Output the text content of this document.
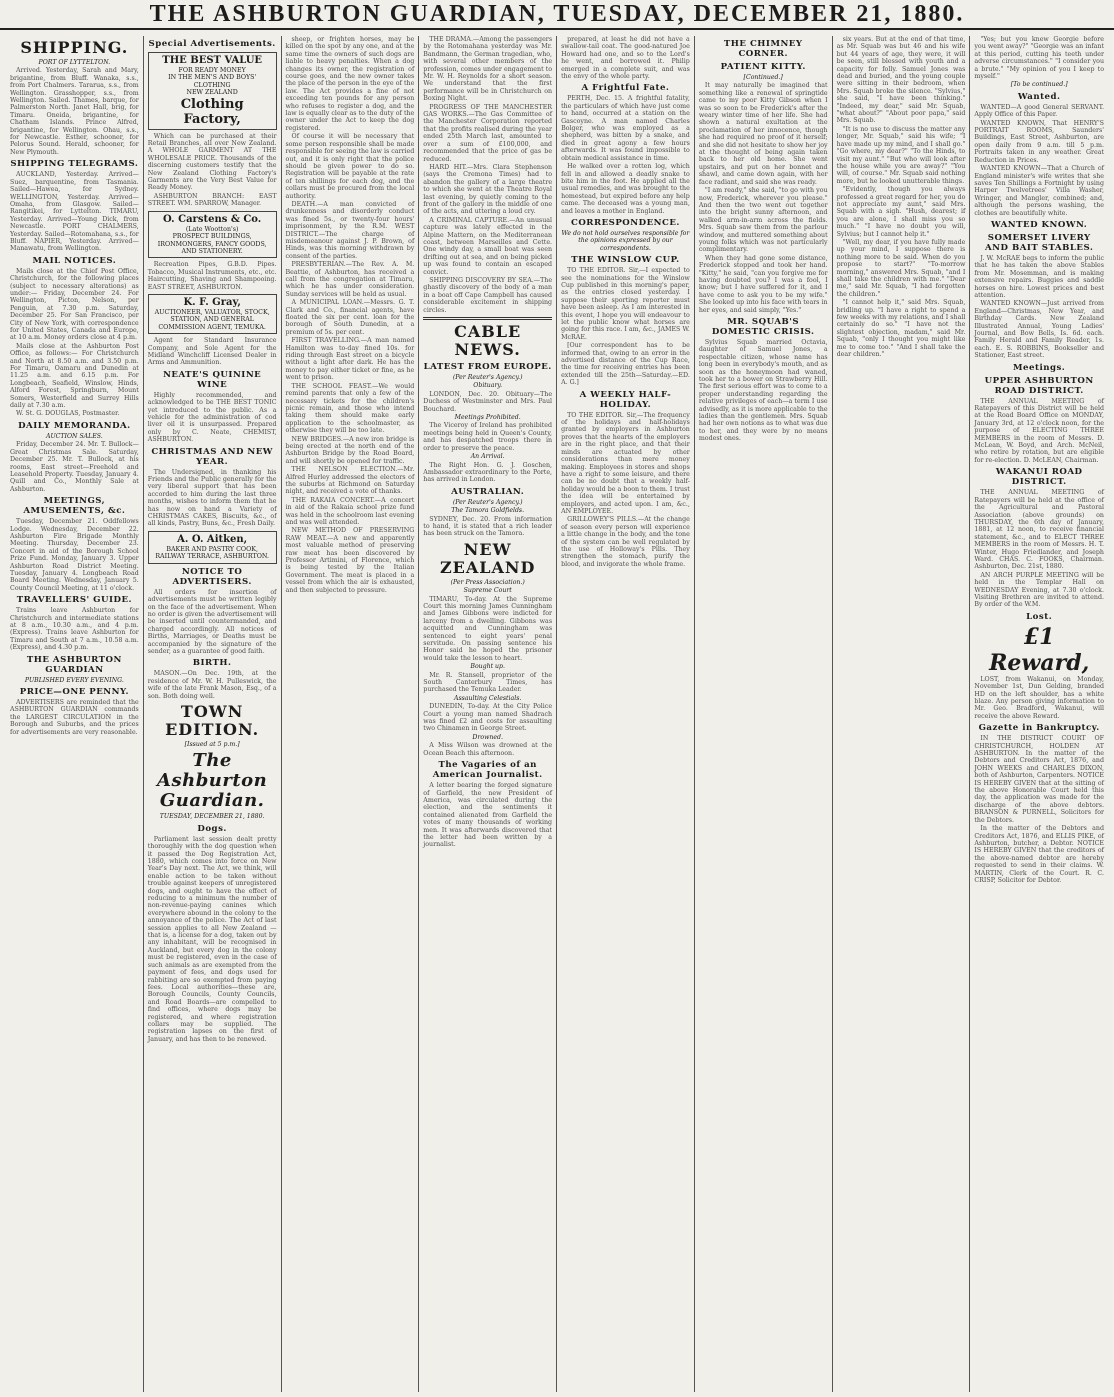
THE ASHBURTON GUARDIAN, TUESDAY, DECEMBER 21, 1880.
SHIPPING.
PORT OF LYTTELTON.

Arrived. Yesterday, Sarah and Mary, brigantine, from Bluff. Wanaka, s.s., from Port Chalmers. Tararua, s.s., from Wellington. Grasshopper, s.s., from Wellington. Sailed. Thames, barque, for Palmerston North. Janet Hall, brig, for Timaru. Oneida, brigantine, for Chatham Islands. Prince Alfred, brigantine, for Wellington. Ohau, s.s., for Newcastle. Esther, schooner, for Pelorus Sound. Herald, schooner, for New Plymouth.

SHIPPING TELEGRAMS.

AUCKLAND, Yesterday. Arrived—Suez, barquentine, from Tasmania. Sailed—Hawea, for Sydney. WELLINGTON, Yesterday. Arrived—Omaha, from Glasgow. Sailed—Rangitikei, for Lyttelton. TIMARU, Yesterday. Arrived—Young Dick, from Newcastle. PORT CHALMERS, Yesterday. Sailed—Rotomahana, s.s., for Bluff. NAPIER, Yesterday. Arrived—Manawatu, from Wellington.

MAIL NOTICES.

Mails close at the Chief Post Office, Christchurch, for the following places (subject to necessary alterations) as under:— Friday, December 24. For Wellington, Picton, Nelson, per Penguin, at 7.30 p.m. Saturday, December 25. For San Francisco, per City of New York, with correspondence for United States, Canada and Europe, at 10 a.m. Money orders close at 4 p.m.

Mails close at the Ashburton Post Office, as follows:— For Christchurch and North at 8.50 a.m. and 3.50 p.m. For Timaru, Oamaru and Dunedin at 11.25 a.m. and 6.15 p.m. For Longbeach, Seafield, Winslow, Hinds, Alford Forest, Springburn, Mount Somers, Westerfield and Surrey Hills daily at 7.30 a.m.

W. St. G. DOUGLAS, Postmaster.

DAILY MEMORANDA.
AUCTION SALES.

Friday, December 24. Mr. T. Bullock—Great Christmas Sale. Saturday, December 25. Mr. T. Bullock, at his rooms, East street—Freehold and Leasehold Property. Tuesday, January 4. Quill and Co., Monthly Sale at Ashburton.

MEETINGS, AMUSEMENTS, &c.

Tuesday, December 21. Oddfellows Lodge. Wednesday, December 22. Ashburton Fire Brigade Monthly Meeting. Thursday, December 23. Concert in aid of the Borough School Prize Fund. Monday, January 3. Upper Ashburton Road District Meeting. Tuesday, January 4. Longbeach Road Board Meeting. Wednesday, January 5. County Council Meeting, at 11 o'clock.

TRAVELLERS' GUIDE.

Trains leave Ashburton for Christchurch and intermediate stations at 8 a.m., 10.30 a.m., and 4 p.m. (Express). Trains leave Ashburton for Timaru and South at 7 a.m., 10.58 a.m. (Express), and 4.30 p.m.

THE ASHBURTON GUARDIAN
PUBLISHED EVERY EVENING.
PRICE—ONE PENNY.

ADVERTISERS are reminded that the ASHBURTON GUARDIAN commands the LARGEST CIRCULATION in the Borough and Suburbs, and the prices for advertisements are very reasonable.

Special Advertisements.
THE BEST VALUE
FOR READY MONEY
IN THE MEN'S AND BOYS' CLOTHING
NEW ZEALAND
Clothing Factory,

Which can be purchased at their Retail Branches, all over New Zealand. A WHOLE GARMENT AT THE WHOLESALE PRICE. Thousands of the discerning customers testify that the New Zealand Clothing Factory's Garments are the Very Best Value for Ready Money.

ASHBURTON BRANCH: EAST STREET. WM. SPARROW, Manager.

O. Carstens & Co.
(Late Wootton's)
PROSPECT BUILDINGS,
IRONMONGERS, FANCY GOODS, AND STATIONERY.

Recreation Pipes, G.B.D. Pipes. Tobacco, Musical Instruments, etc., etc. Haircutting, Shaving and Shampooing. EAST STREET, ASHBURTON.

K. F. Gray,
AUCTIONEER, VALUATOR, STOCK, STATION, AND GENERAL COMMISSION AGENT, TEMUKA.

Agent for Standard Insurance Company, and Sole Agent for the Midland Winchcliff Licensed Dealer in Arms and Ammunition.

NEATE'S QUININE WINE

Highly recommended, and acknowledged to be THE BEST TONIC yet introduced to the public. As a vehicle for the administration of cod liver oil it is unsurpassed. Prepared only by C. Neate, CHEMIST, ASHBURTON.

CHRISTMAS AND NEW YEAR.

The Undersigned, in thanking his Friends and the Public generally for the very liberal support that has been accorded to him during the last three months, wishes to inform them that he has now on hand a Variety of CHRISTMAS CAKES, Biscuits, &c., of all kinds, Pastry, Buns, &c., Fresh Daily.

A. O. Aitken,
BAKER AND PASTRY COOK, RAILWAY TERRACE, ASHBURTON.
NOTICE TO ADVERTISERS.

All orders for insertion of advertisements must be written legibly on the face of the advertisement. When no order is given the advertisement will be inserted until countermanded, and charged accordingly. All notices of Births, Marriages, or Deaths must be accompanied by the signature of the sender, as a guarantee of good faith.

BIRTH.

MASON.—On Dec. 19th, at the residence of Mr. W. H. Pulleswick, the wife of the late Frank Mason, Esq., of a son. Both doing well.

TOWN EDITION.
[Issued at 5 p.m.]
The Ashburton Guardian.
TUESDAY, DECEMBER 21, 1880.
Dogs.

Parliament last session dealt pretty thoroughly with the dog question when it passed the Dog Registration Act, 1880, which comes into force on New Year's Day next. The Act, we think, will enable action to be taken without trouble against keepers of unregistered dogs, and ought to have the effect of reducing to a minimum the number of non-revenue-paying canines which everywhere abound in the colony to the annoyance of the police. The Act of last session applies to all New Zealand —that is, a license for a dog, taken out by any inhabitant, will be recognised in Auckland, but every dog in the colony must be registered, even in the case of such animals as are exempted from the payment of fees, and dogs used for rabbiting are so exempted from paying fees. Local authorities—these are, Borough Councils, County Councils, and Road Boards—are compelled to find offices, where dogs may be registered, and where registration collars may be supplied. The registration lapses on the first of January, and has then to be renewed.

sheep, or frighten horses, may be killed on the spot by any one, and at the same time the owners of such dogs are liable to heavy penalties. When a dog changes its owner, the registration of course goes, and the new owner takes the place of the person in the eye of the law. The Act provides a fine of not exceeding ten pounds for any person who refuses to register a dog, and the law is equally clear as to the duty of the owner under the Act to keep the dog registered.

Of course it will be necessary that some person responsible shall be made responsible for seeing the law is carried out, and it is only right that the police should be given power to do so. Registration will be payable at the rate of ten shillings for each dog, and the collars must be procured from the local authority.

DEATH.—A man convicted of drunkenness and disorderly conduct was fined 5s., or twenty-four hours' imprisonment, by the R.M. WEST DISTRICT.—The charge of misdemeanour against J. P. Brown, of Hinds, was this morning withdrawn by consent of the parties.

PRESBYTERIAN.—The Rev. A. M. Beattie, of Ashburton, has received a call from the congregation at Timaru, which he has under consideration. Sunday services will be held as usual.

A MUNICIPAL LOAN.—Messrs. G. T. Clark and Co., financial agents, have floated the six per cent. loan for the borough of South Dunedin, at a premium of 5s. per cent.

FIRST TRAVELLING.—A man named Hamilton was to-day fined 10s. for riding through East street on a bicycle without a light after dark. He has the money to pay either ticket or fine, as he went to prison.

THE SCHOOL FEAST.—We would remind parents that only a few of the necessary tickets for the children's picnic remain, and those who intend taking them should make early application to the schoolmaster, as otherwise they will be too late.

NEW BRIDGES.—A new iron bridge is being erected at the north end of the Ashburton Bridge by the Road Board, and will shortly be opened for traffic.

THE NELSON ELECTION.—Mr. Alfred Hurley addressed the electors of the suburbs at Richmond on Saturday night, and received a vote of thanks.

THE RAKAIA CONCERT.—A concert in aid of the Rakaia school prize fund was held in the schoolroom last evening and was well attended.

NEW METHOD OF PRESERVING RAW MEAT.—A new and apparently most valuable method of preserving raw meat has been discovered by Professor Artimini, of Florence, which is being tested by the Italian Government. The meat is placed in a vessel from which the air is exhausted, and then subjected to pressure.

THE DRAMA.—Among the passengers by the Rotomahana yesterday was Mr. Bandmann, the German tragedian, who, with several other members of the profession, comes under engagement to Mr. W. H. Reynolds for a short season. We understand that the first performance will be in Christchurch on Boxing Night.

PROGRESS OF THE MANCHESTER GAS WORKS.—The Gas Committee of the Manchester Corporation reported that the profits realised during the year ended 25th March last, amounted to over a sum of £100,000, and recommended that the price of gas be reduced.

HARD HIT.—Mrs. Clara Stephenson (says the Cremona Times) had to abandon the gallery of a large theatre to which she went at the Theatre Royal last evening, by quietly coming to the front of the gallery in the middle of one of the acts, and uttering a loud cry.

A CRIMINAL CAPTURE.—An unusual capture was lately effected in the Alpine Mattern, on the Mediterranean coast, between Marseilles and Cette. One windy day, a small boat was seen drifting out at sea, and on being picked up was found to contain an escaped convict.

SHIPPING DISCOVERY BY SEA.—The ghastly discovery of the body of a man in a boat off Cape Campbell has caused considerable excitement in shipping circles.

CABLE NEWS.
LATEST FROM EUROPE.
(Per Reuter's Agency.)
Obituary.

LONDON, Dec. 20. Obituary—The Duchess of Westminster and Mrs. Paul Bouchard.

Meetings Prohibited.

The Viceroy of Ireland has prohibited meetings being held in Queen's County, and has despatched troops there in order to preserve the peace.

An Arrival.

The Right Hon. G. J. Goschen, Ambassador extraordinary to the Porte, has arrived in London.

AUSTRALIAN.
(Per Reuter's Agency.)
The Tamora Goldfields.

SYDNEY, Dec. 20. From information to hand, it is stated that a rich leader has been struck on the Tamora.

NEW ZEALAND
(Per Press Association.)
Supreme Court

TIMARU, To-day. At the Supreme Court this morning James Cunningham and James Gibbons were indicted for larceny from a dwelling. Gibbons was acquitted and Cunningham was sentenced to eight years' penal servitude. On passing sentence his Honor said he hoped the prisoner would take the lesson to heart.

Bought up.

Mr. R. Stansell, proprietor of the South Canterbury Times, has purchased the Temuka Leader.

Assaulting Celestials.

DUNEDIN, To-day. At the City Police Court a young man named Shadrach was fined £2 and costs for assaulting two Chinamen in George Street.

Drowned.

A Miss Wilson was drowned at the Ocean Beach this afternoon.

The Vagaries of an American Journalist.

A letter bearing the forged signature of Garfield, the new President of America, was circulated during the election, and the sentiments it contained alienated from Garfield the votes of many thousands of working men. It was afterwards discovered that the letter had been written by a journalist.

prepared, at least he did not have a swallow-tail coat. The good-natured Joe Howard had one, and so to the Lord's he went, and borrowed it. Philip emerged in a complete suit, and was the envy of the whole party.

A Frightful Fate.

PERTH, Dec. 15. A frightful fatality, the particulars of which have just come to hand, occurred at a station on the Gascoyne. A man named Charles Bolger, who was employed as a shepherd, was bitten by a snake, and died in great agony a few hours afterwards. It was found impossible to obtain medical assistance in time.

He walked over a rotten log, which fell in and allowed a deadly snake to bite him in the foot. He applied all the usual remedies, and was brought to the homestead, but expired before any help came. The deceased was a young man, and leaves a mother in England.

CORRESPONDENCE.
We do not hold ourselves responsible for the opinions expressed by our correspondents.
THE WINSLOW CUP.

TO THE EDITOR. Sir,—I expected to see the nominations for the Winslow Cup published in this morning's paper, as the entries closed yesterday. I suppose their sporting reporter must have been asleep. As I am interested in this event, I hope you will endeavour to let the public know what horses are going for this race. I am, &c., JAMES W. McRAE.

[Our correspondent has to be informed that, owing to an error in the advertised distance of the Cup Race, the time for receiving entries has been extended till the 25th—Saturday.—ED. A. G.]

A WEEKLY HALF-HOLIDAY.

TO THE EDITOR. Sir,—The frequency of the holidays and half-holidays granted by employers in Ashburton proves that the hearts of the employers are in the right place, and that their minds are actuated by other considerations than mere money making. Employees in stores and shops have a right to some leisure, and there can be no doubt that a weekly half-holiday would be a boon to them. I trust the idea will be entertained by employers, and acted upon. I am, &c., AN EMPLOYEE.

GRILLOWEY'S PILLS.—At the change of season every person will experience a little change in the body, and the tone of the system can be well regulated by the use of Holloway's Pills. They strengthen the stomach, purify the blood, and invigorate the whole frame.

THE CHIMNEY CORNER.
PATIENT KITTY.
[Continued.]

It may naturally be imagined that something like a renewal of springtide came to my poor Kitty Gibson when I was so soon to be Frederick's after the weary winter time of her life. She had shown a natural exultation at the proclamation of her innocence, though she had required no proof of it herself; and she did not hesitate to show her joy at the thought of being again taken back to her old home. She went upstairs, and put on her bonnet and shawl, and came down again, with her face radiant, and said she was ready.

"I am ready," she said, "to go with you now, Frederick, wherever you please." And then the two went out together into the bright sunny afternoon, and walked arm-in-arm across the fields. Mrs. Squab saw them from the parlour window, and muttered something about young folks which was not particularly complimentary.

When they had gone some distance, Frederick stopped and took her hand. "Kitty," he said, "can you forgive me for having doubted you? I was a fool, I know; but I have suffered for it, and I have come to ask you to be my wife." She looked up into his face with tears in her eyes, and said simply, "Yes."

MR. SQUAB'S DOMESTIC CRISIS.

Sylvius Squab married Octavia, daughter of Samuel Jones, a respectable citizen, whose name has long been in everybody's mouth, and as soon as the honeymoon had waned, took her to a bower on Strawberry Hill. The first serious effort was to come to a proper understanding regarding the relative privileges of each—a term I use advisedly, as it is more applicable to the ladies than the gentlemen. Mrs. Squab had her own notions as to what was due to her, and they were by no means modest ones.

six years. But at the end of that time, as Mr. Squab was but 46 and his wife but 44 years of age, they were, it will be seen, still blessed with youth and a capacity for folly. Samuel Jones was dead and buried, and the young couple were sitting in their bedroom, when Mrs. Squab broke the silence. "Sylvius," she said, "I have been thinking." "Indeed, my dear," said Mr. Squab, "what about?" "About poor papa," said Mrs. Squab.

"It is no use to discuss the matter any longer, Mr. Squab," said his wife; "I have made up my mind, and I shall go." "Go where, my dear?" "To the Hinds, to visit my aunt." "But who will look after the house while you are away?" "You will, of course." Mr. Squab said nothing more, but he looked unutterable things.

"Evidently, though you always professed a great regard for her, you do not appreciate my aunt," said Mrs. Squab with a sigh. "Hush, dearest; if you are alone, I shall miss you so much." "I have no doubt you will, Sylvius; but I cannot help it."

"Well, my dear, if you have fully made up your mind, I suppose there is nothing more to be said. When do you propose to start?" "To-morrow morning," answered Mrs. Squab, "and I shall take the children with me." "Dear me," said Mr. Squab, "I had forgotten the children."

"I cannot help it," said Mrs. Squab, bridling up. "I have a right to spend a few weeks with my relations, and I shall certainly do so." "I have not the slightest objection, madam," said Mr. Squab, "only I thought you might like me to come too." "And I shall take the dear children."

"Yes; but you knew Georgie before you went away?" "Georgie was an infant at this period, cutting his teeth under adverse circumstances." "I consider you a brute." "My opinion of you I keep to myself."

[To be continued.]
Wanted.

WANTED—A good General SERVANT. Apply Office of this Paper.

WANTED KNOWN, That HENRY'S PORTRAIT ROOMS, Saunders' Buildings, East Street, Ashburton, are open daily from 9 a.m. till 5 p.m. Portraits taken in any weather. Great Reduction in Prices.

WANTED KNOWN—That a Church of England minister's wife writes that she saves Ten Shillings a Fortnight by using Harper Twelvetrees' Villa Washer, Wringer, and Mangler, combined; and, although the persons washing, the clothes are beautifully white.

WANTED KNOWN.
SOMERSET LIVERY AND BAIT STABLES.

J. W. McRAE begs to inform the public that he has taken the above Stables from Mr. Mosemman, and is making extensive repairs. Buggies and saddle horses on hire. Lowest prices and best attention.

WANTED KNOWN—Just arrived from England—Christmas, New Year, and Birthday Cards. New Zealand Illustrated Annual, Young Ladies' Journal, and Bow Bells, Is. 6d. each. Family Herald and Family Reader, 1s. each. E. S. ROBBINS, Bookseller and Stationer, East street.

Meetings.
UPPER ASHBURTON ROAD DISTRICT.

THE ANNUAL MEETING of Ratepayers of this District will be held at the Road Board Office on MONDAY, January 3rd, at 12 o'clock noon, for the purpose of ELECTING THREE MEMBERS in the room of Messrs. D. McLean, W. Boyd, and Arch. McNeil, who retire by rotation, but are eligible for re-election. D. McLEAN, Chairman.

WAKANUI ROAD DISTRICT.

THE ANNUAL MEETING of Ratepayers will be held at the office of the Agricultural and Pastoral Association (above grounds) on THURSDAY, the 6th day of January, 1881, at 12 noon, to receive financial statement, &c., and to ELECT THREE MEMBERS in the room of Messrs. H. T. Winter, Hugo Friedlander, and Joseph Ward. CHAS. C. FOOKS, Chairman. Ashburton, Dec. 21st, 1880.

AN ARCH PURPLE MEETING will be held in the Templar Hall on WEDNESDAY Evening, at 7.30 o'clock. Visiting Brethren are invited to attend. By order of the W.M.

Lost.
£1 Reward,

LOST, from Wakanui, on Monday, November 1st, Dun Gelding, branded HD on the left shoulder, has a white blaze. Any person giving information to Mr. Geo. Bradford, Wakanui, will receive the above Reward.

Gazette in Bankruptcy.

IN THE DISTRICT COURT OF CHRISTCHURCH, HOLDEN AT ASHBURTON. In the matter of the Debtors and Creditors Act, 1876, and JOHN WEEKS and CHARLES DIXON, both of Ashburton, Carpenters. NOTICE IS HEREBY GIVEN that at the sitting of the above Honorable Court held this day, the application was made for the discharge of the above debtors. BRANSON & PURNELL, Solicitors for the Debtors.

In the matter of the Debtors and Creditors Act, 1876, and ELLIS PIKE, of Ashburton, butcher, a Debtor. NOTICE IS HEREBY GIVEN that the creditors of the above-named debtor are hereby requested to send in their claims. W. MARTIN, Clerk of the Court. R. C. CRISP, Solicitor for Debtor.
